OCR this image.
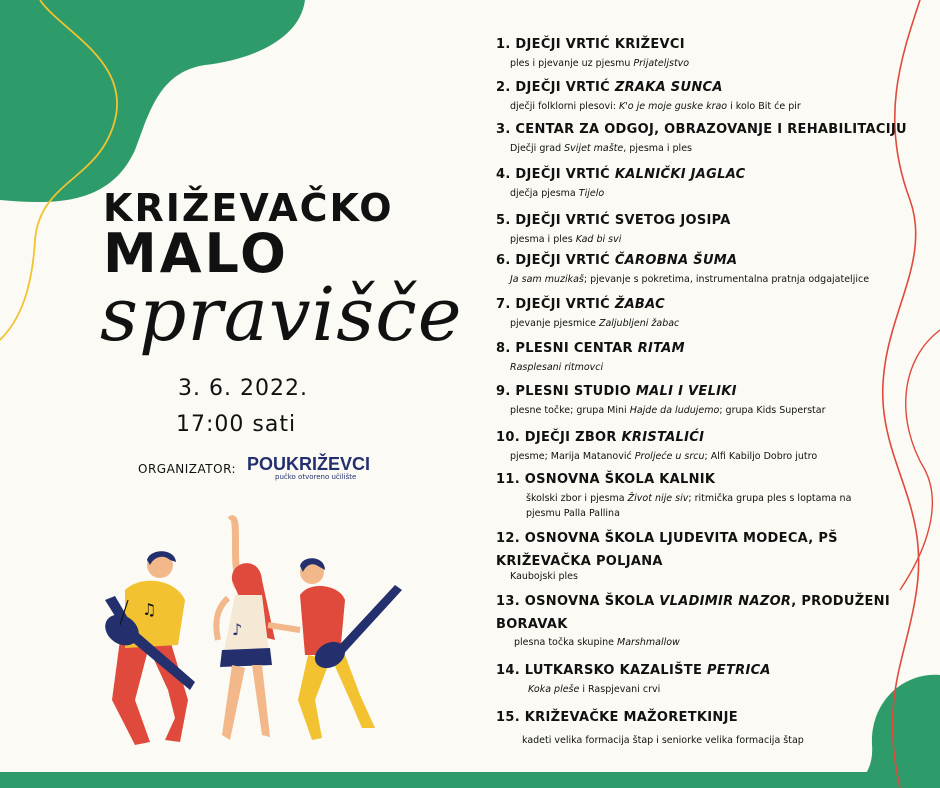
♫
♪
KRIŽEVAČKO
MALO
spravišče
3. 6. 2022.
17:00 sati
ORGANIZATOR: POUKRIŽEVCI
pučko otvoreno učilište
1. DJEČJI VRTIĆ KRIŽEVCI
ples i pjevanje uz pjesmu Prijateljstvo
2. DJEČJI VRTIĆ ZRAKA SUNCA
dječji folklorni plesovi: K'o je moje guske krao i kolo Bit će pir
3. CENTAR ZA ODGOJ, OBRAZOVANJE I REHABILITACIJU
Dječji grad Svijet mašte, pjesma i ples
4. DJEČJI VRTIĆ KALNIČKI JAGLAC
dječja pjesma Tijelo
5. DJEČJI VRTIĆ SVETOG JOSIPA
pjesma i ples Kad bi svi
6. DJEČJI VRTIĆ ČAROBNA ŠUMA
Ja sam muzikaš; pjevanje s pokretima, instrumentalna pratnja odgajateljice
7. DJEČJI VRTIĆ ŽABAC
pjevanje pjesmice Zaljubljeni žabac
8. PLESNI CENTAR RITAM
Rasplesani ritmovci
9. PLESNI STUDIO MALI I VELIKI
plesne točke; grupa Mini Hajde da ludujemo; grupa Kids Superstar
10. DJEČJI ZBOR KRISTALIĆI
pjesme; Marija Matanović Proljeće u srcu; Alfi Kabiljo Dobro jutro
11. OSNOVNA ŠKOLA KALNIK
školski zbor i pjesma Život nije siv; ritmička grupa ples s loptama na pjesmu Palla Pallina
12. OSNOVNA ŠKOLA LJUDEVITA MODECA, PŠ KRIŽEVAČKA POLJANA
Kaubojski ples
13. OSNOVNA ŠKOLA VLADIMIR NAZOR, PRODUŽENI BORAVAK
plesna točka skupine Marshmallow
14. LUTKARSKO KAZALIŠTE PETRICA
Koka pleše i Raspjevani crvi
15. KRIŽEVAČKE MAŽORETKINJE
kadeti velika formacija štap i seniorke velika formacija štap
